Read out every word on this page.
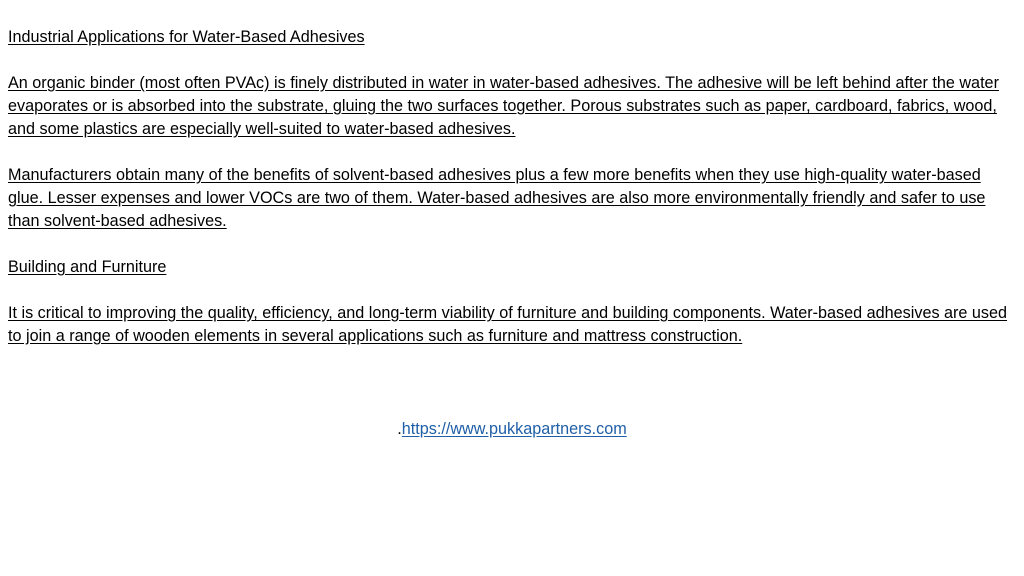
Industrial Applications for Water-Based Adhesives

An organic binder (most often PVAc) is finely distributed in water in water-based adhesives. The adhesive will be left behind after the water evaporates or is absorbed into the substrate, gluing the two surfaces together. Porous substrates such as paper, cardboard, fabrics, wood, and some plastics are especially well-suited to water-based adhesives.

Manufacturers obtain many of the benefits of solvent-based adhesives plus a few more benefits when they use high-quality water-based glue. Lesser expenses and lower VOCs are two of them. Water-based adhesives are also more environmentally friendly and safer to use than solvent-based adhesives.

Building and Furniture

It is critical to improving the quality, efficiency, and long-term viability of furniture and building components. Water-based adhesives are used to join a range of wooden elements in several applications such as furniture and mattress construction.

.https://www.pukkapartners.com
